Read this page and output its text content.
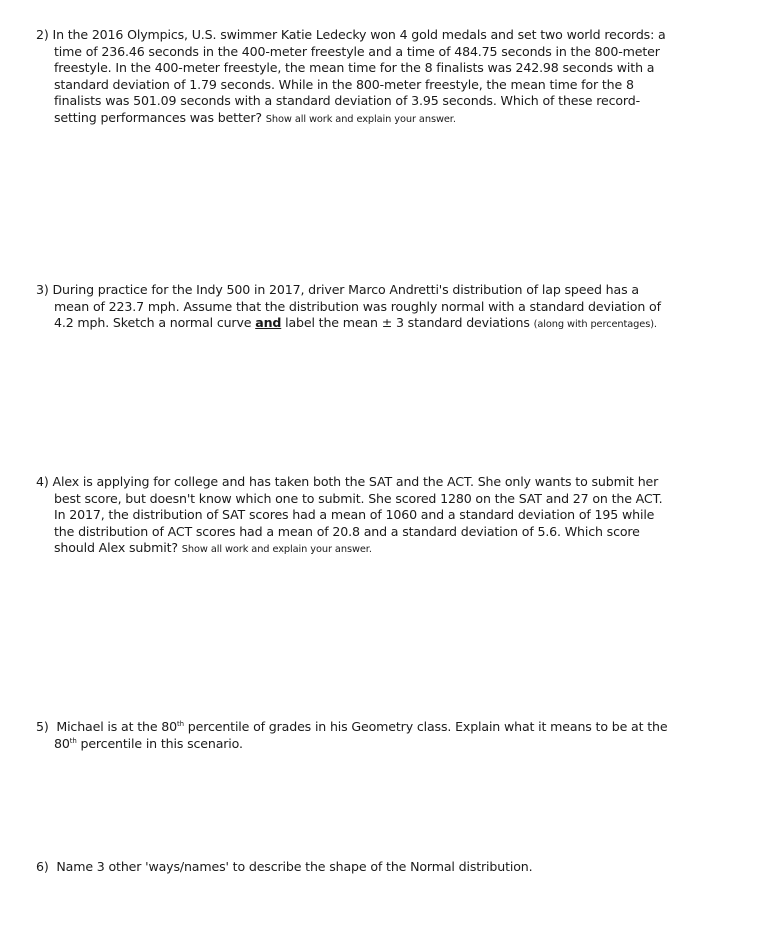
2) In the 2016 Olympics, U.S. swimmer Katie Ledecky won 4 gold medals and set two world records: a
time of 236.46 seconds in the 400-meter freestyle and a time of 484.75 seconds in the 800-meter
freestyle. In the 400-meter freestyle, the mean time for the 8 finalists was 242.98 seconds with a
standard deviation of 1.79 seconds. While in the 800-meter freestyle, the mean time for the 8
finalists was 501.09 seconds with a standard deviation of 3.95 seconds. Which of these record-
setting performances was better? Show all work and explain your answer.
3) During practice for the Indy 500 in 2017, driver Marco Andretti's distribution of lap speed has a
mean of 223.7 mph. Assume that the distribution was roughly normal with a standard deviation of
4.2 mph. Sketch a normal curve and label the mean ± 3 standard deviations (along with percentages).
4) Alex is applying for college and has taken both the SAT and the ACT. She only wants to submit her
best score, but doesn't know which one to submit. She scored 1280 on the SAT and 27 on the ACT.
In 2017, the distribution of SAT scores had a mean of 1060 and a standard deviation of 195 while
the distribution of ACT scores had a mean of 20.8 and a standard deviation of 5.6. Which score
should Alex submit? Show all work and explain your answer.
5) Michael is at the 80th percentile of grades in his Geometry class. Explain what it means to be at the
80th percentile in this scenario.
6) Name 3 other 'ways/names' to describe the shape of the Normal distribution.
